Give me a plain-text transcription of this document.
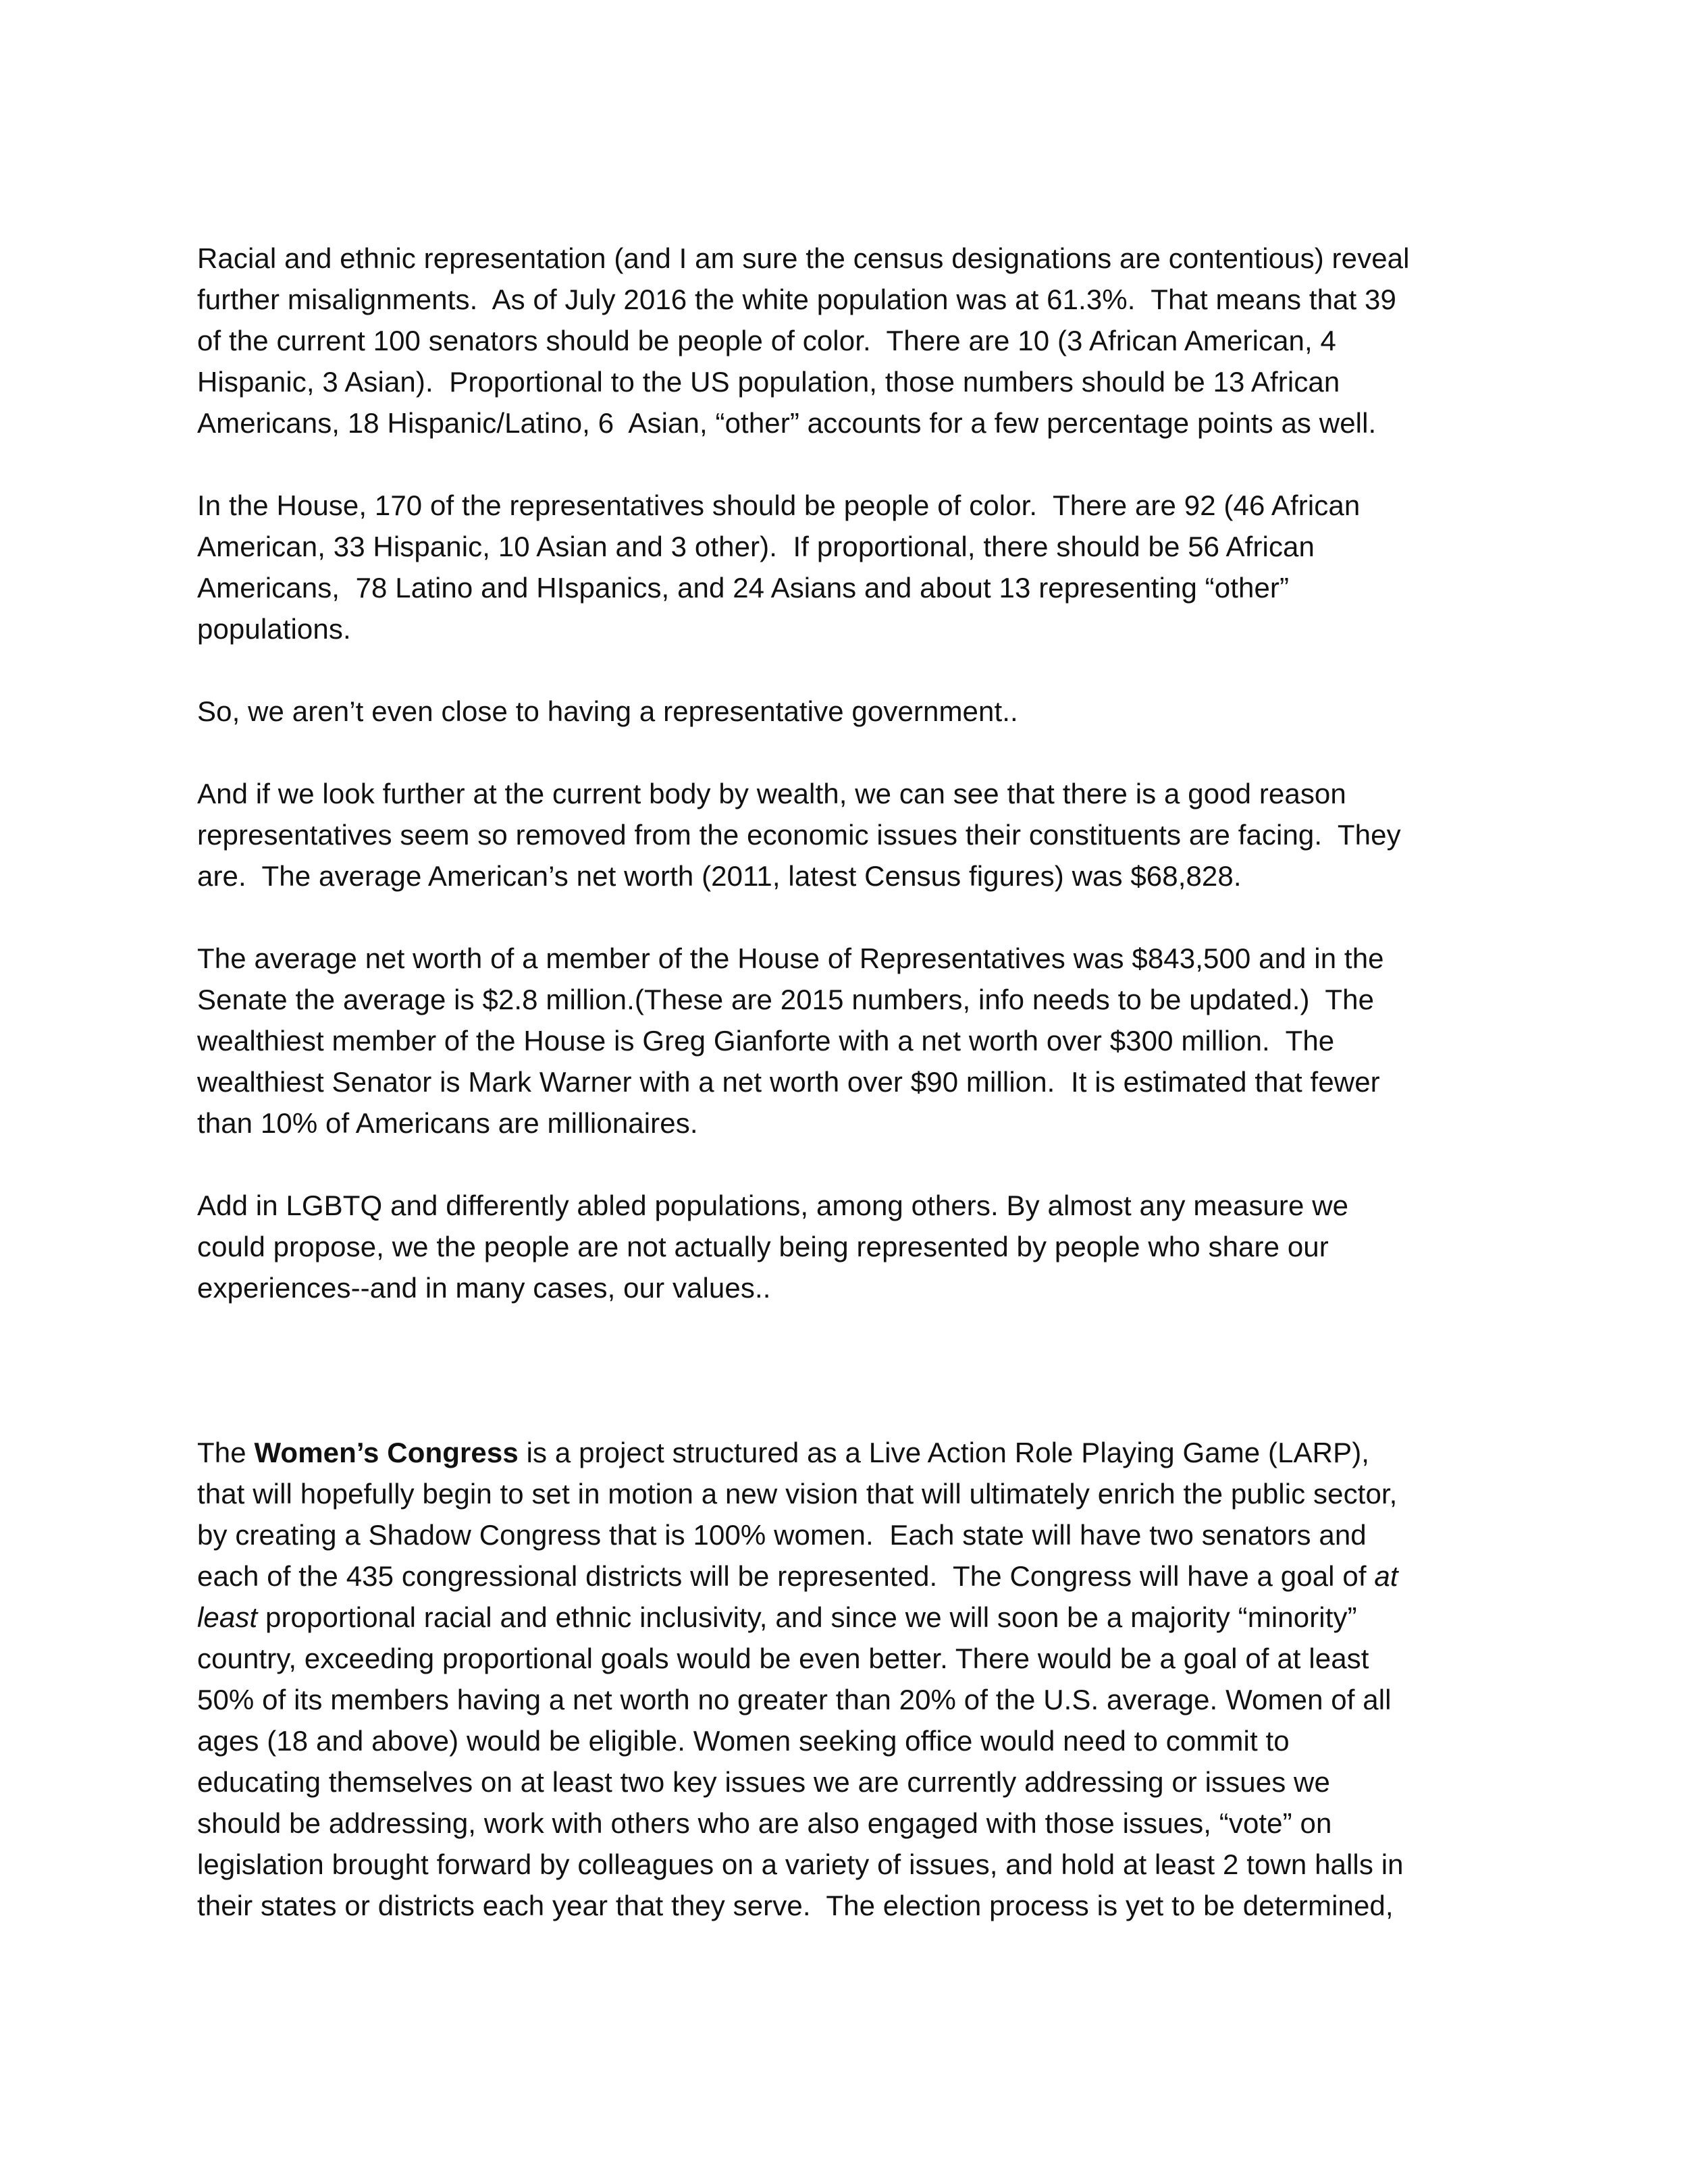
Racial and ethnic representation (and I am sure the census designations are contentious) reveal
further misalignments.  As of July 2016 the white population was at 61.3%.  That means that 39
of the current 100 senators should be people of color.  There are 10 (3 African American, 4
Hispanic, 3 Asian).  Proportional to the US population, those numbers should be 13 African
Americans, 18 Hispanic/Latino, 6  Asian, “other” accounts for a few percentage points as well.
In the House, 170 of the representatives should be people of color.  There are 92 (46 African
American, 33 Hispanic, 10 Asian and 3 other).  If proportional, there should be 56 African
Americans,  78 Latino and HIspanics, and 24 Asians and about 13 representing “other”
populations.
So, we aren’t even close to having a representative government..
And if we look further at the current body by wealth, we can see that there is a good reason
representatives seem so removed from the economic issues their constituents are facing.  They
are.  The average American’s net worth (2011, latest Census figures) was $68,828.
The average net worth of a member of the House of Representatives was $843,500 and in the
Senate the average is $2.8 million.(These are 2015 numbers, info needs to be updated.)  The
wealthiest member of the House is Greg Gianforte with a net worth over $300 million.  The
wealthiest Senator is Mark Warner with a net worth over $90 million.  It is estimated that fewer
than 10% of Americans are millionaires.
Add in LGBTQ and differently abled populations, among others. By almost any measure we
could propose, we the people are not actually being represented by people who share our
experiences--and in many cases, our values..
The Women’s Congress is a project structured as a Live Action Role Playing Game (LARP),
that will hopefully begin to set in motion a new vision that will ultimately enrich the public sector,
by creating a Shadow Congress that is 100% women.  Each state will have two senators and
each of the 435 congressional districts will be represented.  The Congress will have a goal of at
least proportional racial and ethnic inclusivity, and since we will soon be a majority “minority”
country, exceeding proportional goals would be even better. There would be a goal of at least
50% of its members having a net worth no greater than 20% of the U.S. average. Women of all
ages (18 and above) would be eligible. Women seeking office would need to commit to
educating themselves on at least two key issues we are currently addressing or issues we
should be addressing, work with others who are also engaged with those issues, “vote” on
legislation brought forward by colleagues on a variety of issues, and hold at least 2 town halls in
their states or districts each year that they serve.  The election process is yet to be determined,
